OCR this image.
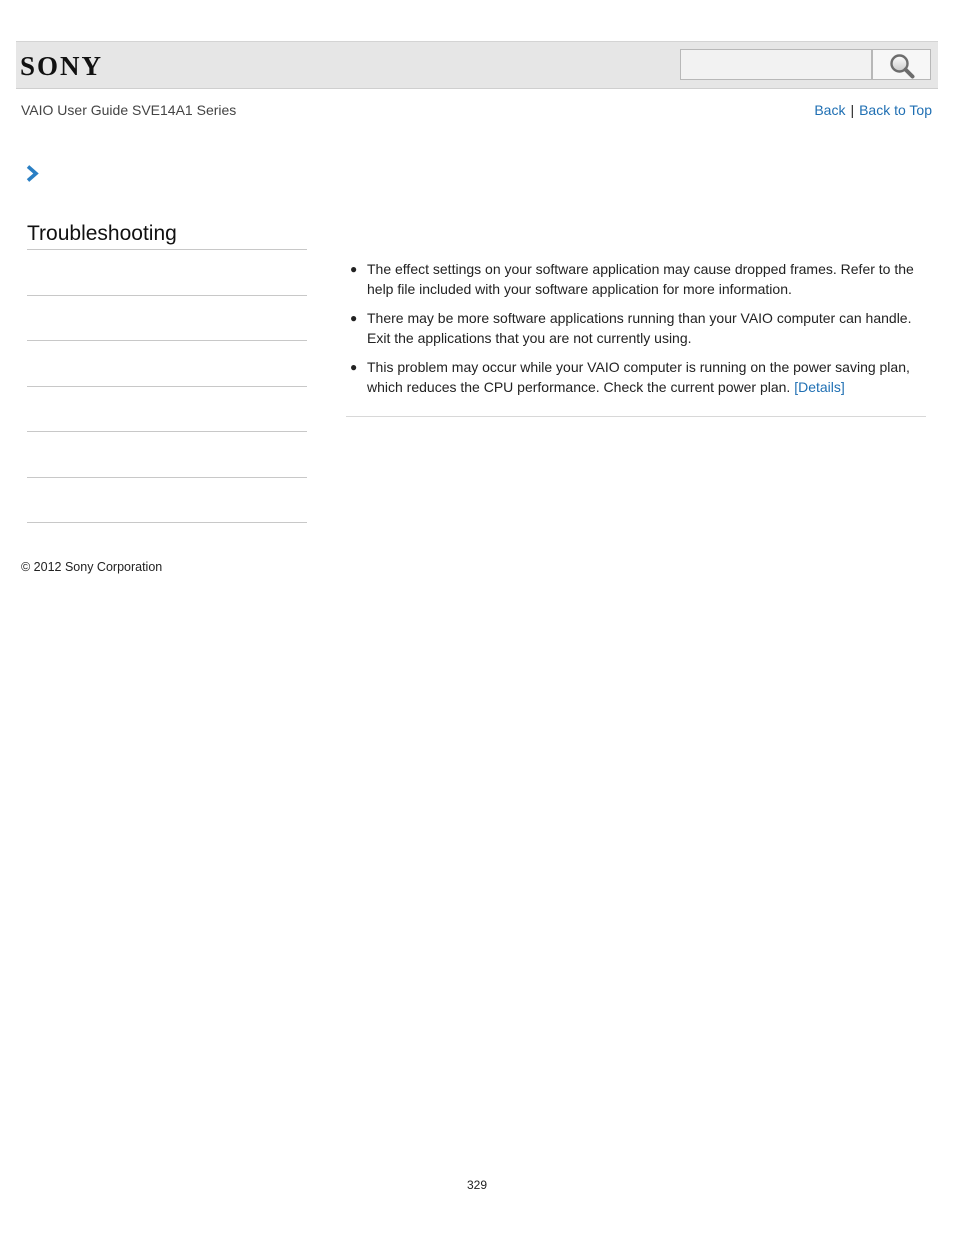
SONY
VAIO User Guide SVE14A1 Series	Back | Back to Top
Troubleshooting
● The effect settings on your software application may cause dropped frames. Refer to the help file included with your software application for more information.
● There may be more software applications running than your VAIO computer can handle. Exit the applications that you are not currently using.
● This problem may occur while your VAIO computer is running on the power saving plan, which reduces the CPU performance. Check the current power plan. [Details]
© 2012 Sony Corporation
329
